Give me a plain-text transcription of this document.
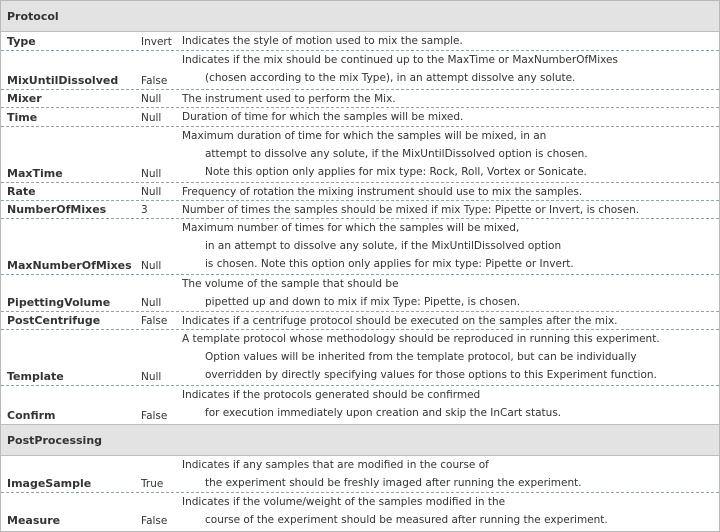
Protocol
Type	Invert Indicates the style of motion used to mix the sample.
MixUntilDissolved False
Indicates if the mix should be continued up to the MaxTime or MaxNumberOfMixes
(chosen according to the mix Type), in an attempt dissolve any solute.
Mixer	Null The instrument used to perform the Mix.
Time	Null Duration of time for which the samples will be mixed.
MaxTime	Null
Maximum duration of time for which the samples will be mixed, in an
attempt to dissolve any solute, if the MixUntilDissolved option is chosen.
Note this option only applies for mix type: Rock, Roll, Vortex or Sonicate.
Rate	Null Frequency of rotation the mixing instrument should use to mix the samples.
NumberOfMixes	3	Number of times the samples should be mixed if mix Type: Pipette or Invert, is chosen.
MaxNumberOfMixes Null
Maximum number of times for which the samples will be mixed,
in an attempt to dissolve any solute, if the MixUntilDissolved option
is chosen. Note this option only applies for mix type: Pipette or Invert.
PipettingVolume	Null
The volume of the sample that should be
pipetted up and down to mix if mix Type: Pipette, is chosen.
PostCentrifuge	False Indicates if a centrifuge protocol should be executed on the samples after the mix.
Template	Null
A template protocol whose methodology should be reproduced in running this experiment.
Option values will be inherited from the template protocol, but can be individually
overridden by directly specifying values for those options to this Experiment function.
Confirm	False
Indicates if the protocols generated should be confirmed
for execution immediately upon creation and skip the InCart status.
PostProcessing
ImageSample	True
Indicates if any samples that are modified in the course of
the experiment should be freshly imaged after running the experiment.
Measure	False
Indicates if the volume/weight of the samples modified in the
course of the experiment should be measured after running the experiment.
